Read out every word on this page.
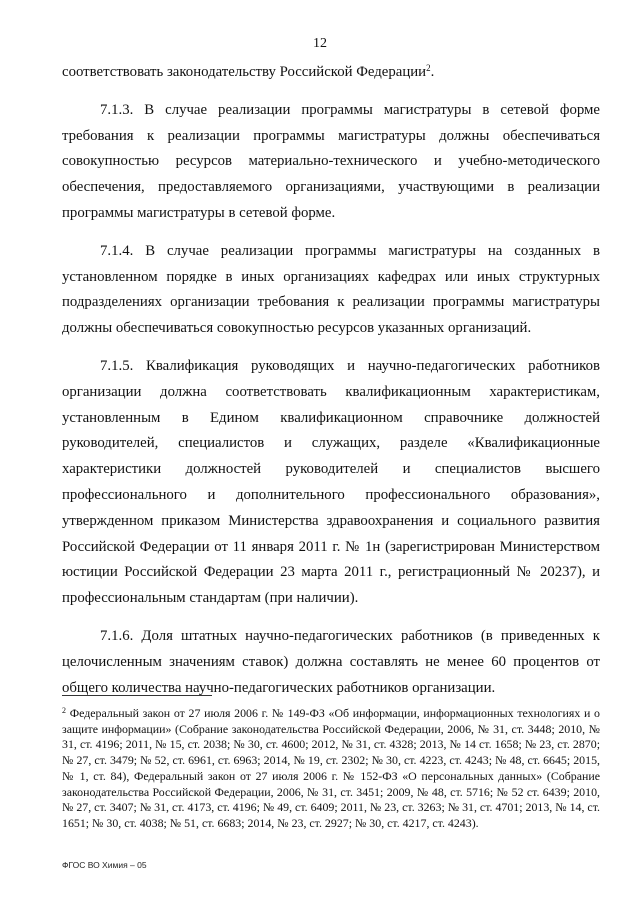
12

соответствовать законодательству Российской Федерации$^2$.

7.1.3. В случае реализации программы магистратуры в сетевой форме требования к реализации программы магистратуры должны обеспечиваться совокупностью ресурсов материально-технического и учебно-методического обеспечения, предоставляемого организациями, участвующими в реализации программы магистратуры в сетевой форме.

7.1.4. В случае реализации программы магистратуры на созданных в установленном порядке в иных организациях кафедрах или иных структурных подразделениях организации требования к реализации программы магистратуры должны обеспечиваться совокупностью ресурсов указанных организаций.

7.1.5. Квалификация руководящих и научно-педагогических работников организации должна соответствовать квалификационным характеристикам, установленным в Едином квалификационном справочнике должностей руководителей, специалистов и служащих, разделе «Квалификационные характеристики должностей руководителей и специалистов высшего профессионального и дополнительного профессионального образования», утвержденном приказом Министерства здравоохранения и социального развития Российской Федерации от 11 января 2011 г. № 1н (зарегистрирован Министерством юстиции Российской Федерации 23 марта 2011 г., регистрационный № 20237), и профессиональным стандартам (при наличии).

7.1.6. Доля штатных научно-педагогических работников (в приведенных к целочисленным значениям ставок) должна составлять не менее 60 процентов от общего количества научно-педагогических работников организации.

$^2$ Федеральный закон от 27 июля 2006 г. № 149-ФЗ «Об информации, информационных технологиях и о защите информации» (Собрание законодательства Российской Федерации, 2006, № 31, ст. 3448; 2010, № 31, ст. 4196; 2011, № 15, ст. 2038; № 30, ст. 4600; 2012, № 31, ст. 4328; 2013, № 14 ст. 1658; № 23, ст. 2870; № 27, ст. 3479; № 52, ст. 6961, ст. 6963; 2014, № 19, ст. 2302; № 30, ст. 4223, ст. 4243; № 48, ст. 6645; 2015, № 1, ст. 84), Федеральный закон от 27 июля 2006 г. № 152-ФЗ «О персональных данных» (Собрание законодательства Российской Федерации, 2006, № 31, ст. 3451; 2009, № 48, ст. 5716; № 52 ст. 6439; 2010, № 27, ст. 3407; № 31, ст. 4173, ст. 4196; № 49, ст. 6409; 2011, № 23, ст. 3263; № 31, ст. 4701; 2013, № 14, ст. 1651; № 30, ст. 4038; № 51, ст. 6683; 2014, № 23, ст. 2927; № 30, ст. 4217, ст. 4243).
ФГОС ВО Химия – 05
